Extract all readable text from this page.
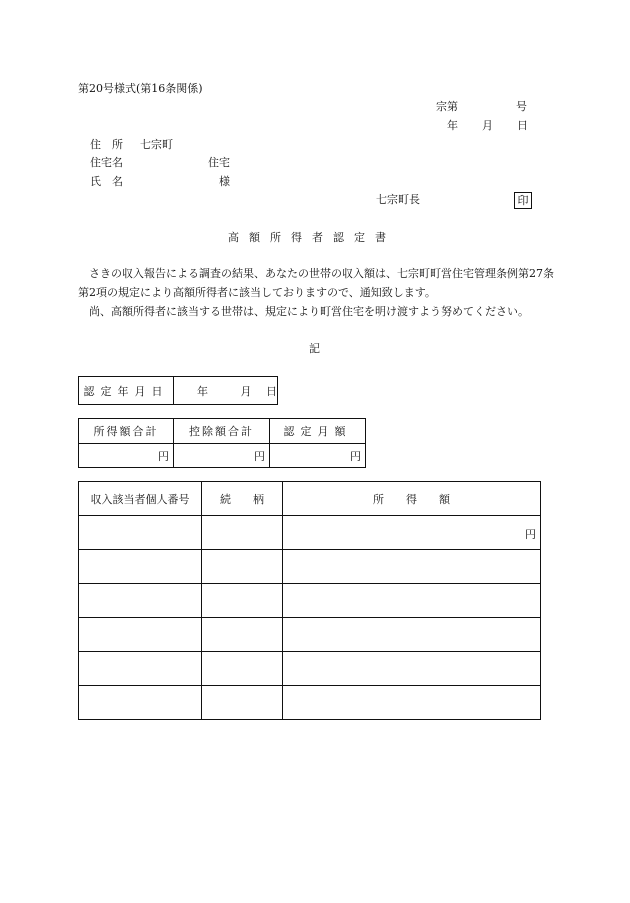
第20号様式(第16条関係)
宗第	号
年 月 日
住　所 七宗町
住宅名	住宅
氏　名	様
七宗町長	印
高額所得者認定書

さきの収入報告による調査の結果、あなたの世帯の収入額は、七宗町町営住宅管理条例第27条第2項の規定により高額所得者に該当しておりますので、通知致します。

尚、高額所得者に該当する世帯は、規定により町営住宅を明け渡すよう努めてください。

記
認定年月日	年	月 日
所得額合計	控除額合計	認定月額
円	円	円
収入該当者個人番号	続　　柄	所　　得　　額
		円
